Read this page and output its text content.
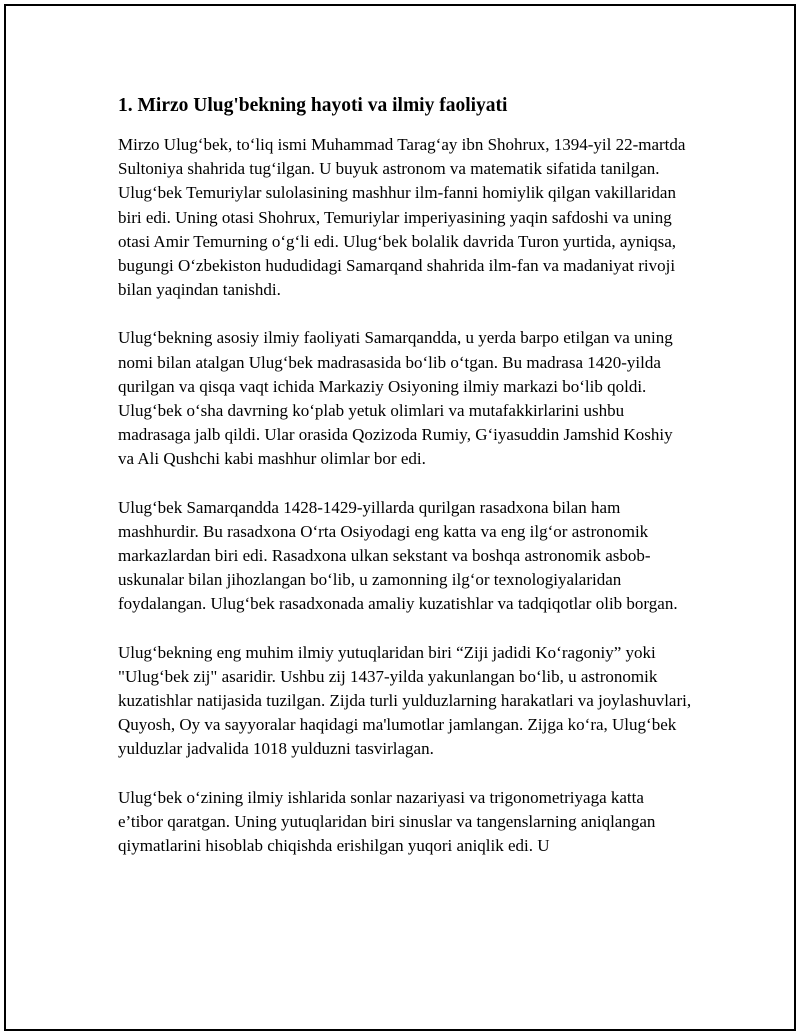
1. Mirzo Ulug'bekning hayoti va ilmiy faoliyati

Mirzo Ulug‘bek, to‘liq ismi Muhammad Tarag‘ay ibn Shohrux, 1394-yil 22-martda Sultoniya shahrida tug‘ilgan. U buyuk astronom va matematik sifatida tanilgan. Ulug‘bek Temuriylar sulolasining mashhur ilm-fanni homiylik qilgan vakillaridan biri edi. Uning otasi Shohrux, Temuriylar imperiyasining yaqin safdoshi va uning otasi Amir Temurning o‘g‘li edi. Ulug‘bek bolalik davrida Turon yurtida, ayniqsa, bugungi O‘zbekiston hududidagi Samarqand shahrida ilm-fan va madaniyat rivoji bilan yaqindan tanishdi.

Ulug‘bekning asosiy ilmiy faoliyati Samarqandda, u yerda barpo etilgan va uning nomi bilan atalgan Ulug‘bek madrasasida bo‘lib o‘tgan. Bu madrasa 1420-yilda qurilgan va qisqa vaqt ichida Markaziy Osiyoning ilmiy markazi bo‘lib qoldi. Ulug‘bek o‘sha davrning ko‘plab yetuk olimlari va mutafakkirlarini ushbu madrasaga jalb qildi. Ular orasida Qozizoda Rumiy, G‘iyasuddin Jamshid Koshiy va Ali Qushchi kabi mashhur olimlar bor edi.

Ulug‘bek Samarqandda 1428-1429-yillarda qurilgan rasadxona bilan ham mashhurdir. Bu rasadxona O‘rta Osiyodagi eng katta va eng ilg‘or astronomik markazlardan biri edi. Rasadxona ulkan sekstant va boshqa astronomik asbob-uskunalar bilan jihozlangan bo‘lib, u zamonning ilg‘or texnologiyalaridan foydalangan. Ulug‘bek rasadxonada amaliy kuzatishlar va tadqiqotlar olib borgan.

Ulug‘bekning eng muhim ilmiy yutuqlaridan biri “Ziji jadidi Ko‘ragoniy” yoki "Ulug‘bek zij" asaridir. Ushbu zij 1437-yilda yakunlangan bo‘lib, u astronomik kuzatishlar natijasida tuzilgan. Zijda turli yulduzlarning harakatlari va joylashuvlari, Quyosh, Oy va sayyoralar haqidagi ma'lumotlar jamlangan. Zijga ko‘ra, Ulug‘bek yulduzlar jadvalida 1018 yulduzni tasvirlagan.

Ulug‘bek o‘zining ilmiy ishlarida sonlar nazariyasi va trigonometriyaga katta e’tibor qaratgan. Uning yutuqlaridan biri sinuslar va tangenslarning aniqlangan qiymatlarini hisoblab chiqishda erishilgan yuqori aniqlik edi. U
